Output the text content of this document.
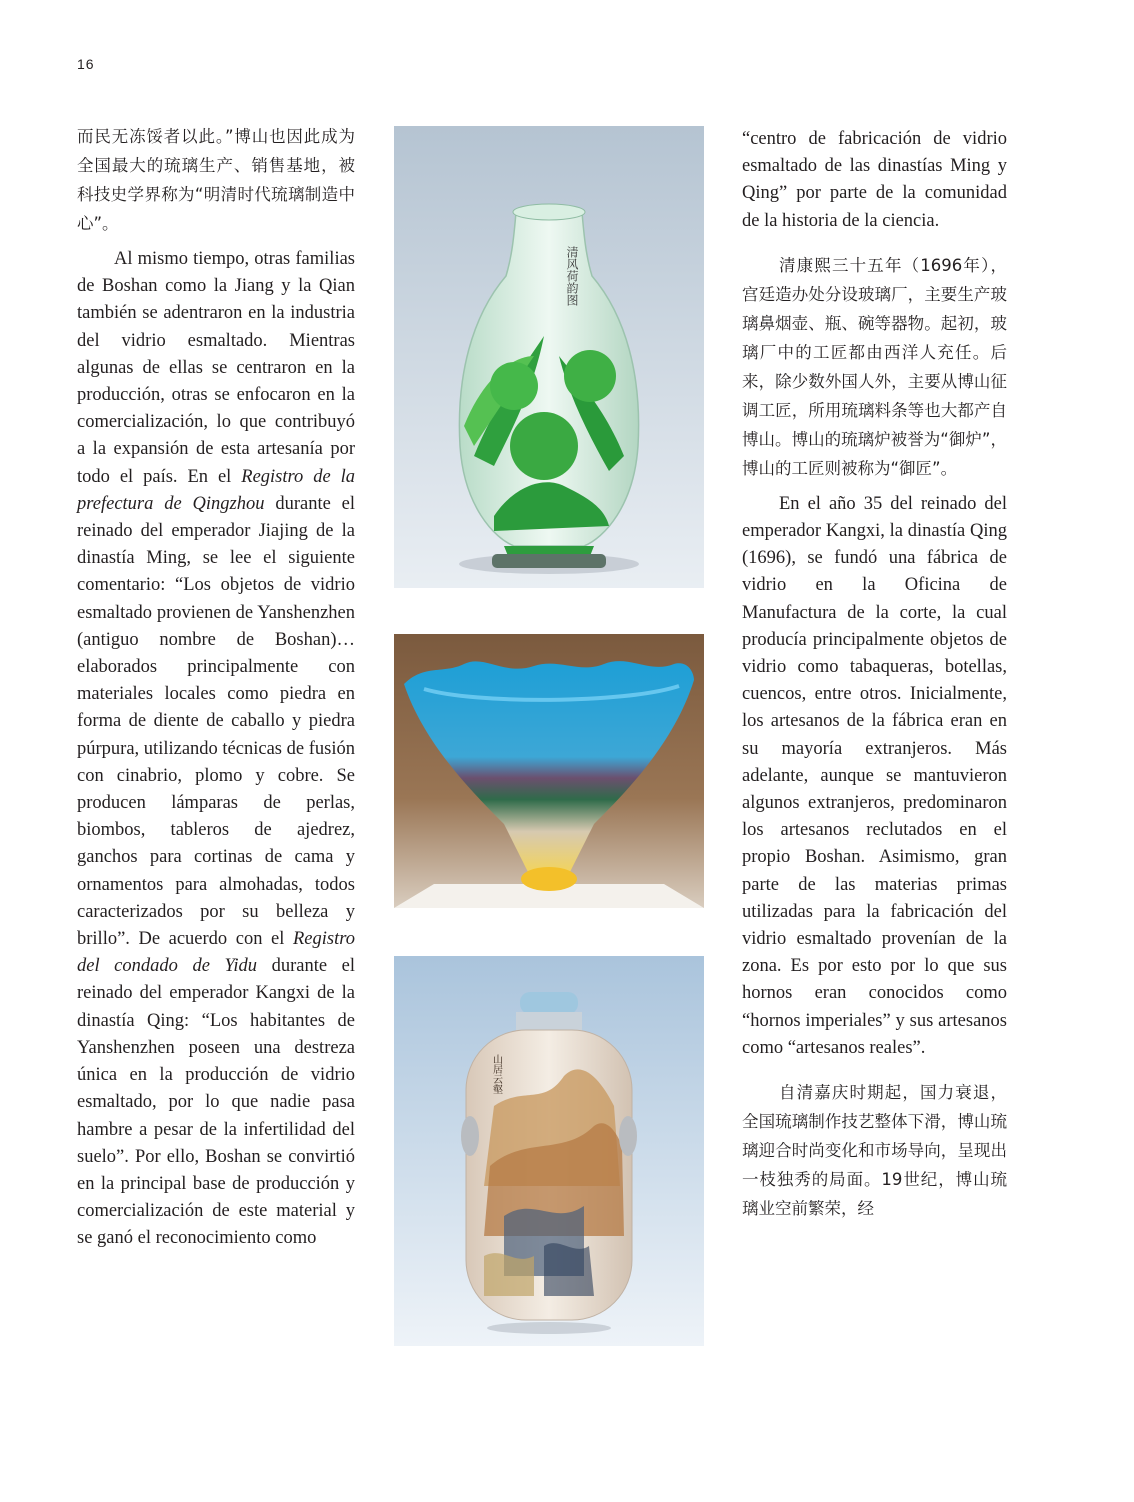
16

而民无冻馁者以此。”博山也因此成为全国最大的琉璃生产、销售基地，被科技史学界称为“明清时代琉璃制造中心”。

Al mismo tiempo, otras familias de Boshan como la Jiang y la Qian también se adentraron en la industria del vidrio esmaltado. Mientras algunas de ellas se centraron en la producción, otras se enfocaron en la comercialización, lo que contribuyó a la expansión de esta artesanía por todo el país. En el Registro de la prefectura de Qingzhou durante el reinado del emperador Jiajing de la dinastía Ming, se lee el siguiente comentario: “Los objetos de vidrio esmaltado provienen de Yanshenzhen (antiguo nombre de Boshan)… elaborados principalmente con materiales locales como piedra en forma de diente de caballo y piedra púrpura, utilizando técnicas de fusión con cinabrio, plomo y cobre. Se producen lámparas de perlas, biombos, tableros de ajedrez, ganchos para cortinas de cama y ornamentos para almohadas, todos caracterizados por su belleza y brillo”. De acuerdo con el Registro del condado de Yidu durante el reinado del emperador Kangxi de la dinastía Qing: “Los habitantes de Yanshenzhen poseen una destreza única en la producción de vidrio esmaltado, por lo que nadie pasa hambre a pesar de la infertilidad del suelo”. Por ello, Boshan se convirtió en la principal base de producción y comercialización de este material y se ganó el reconocimiento como

清风荷韵图
山居云壑

“centro de fabricación de vidrio esmaltado de las dinastías Ming y Qing” por parte de la comunidad de la historia de la ciencia.

清康熙三十五年（1696年），宫廷造办处分设玻璃厂，主要生产玻璃鼻烟壶、瓶、碗等器物。起初，玻璃厂中的工匠都由西洋人充任。后来，除少数外国人外，主要从博山征调工匠，所用琉璃料条等也大都产自博山。博山的琉璃炉被誉为“御炉”，博山的工匠则被称为“御匠”。

En el año 35 del reinado del emperador Kangxi, la dinastía Qing (1696), se fundó una fábrica de vidrio en la Oficina de Manufactura de la corte, la cual producía principalmente objetos de vidrio como tabaqueras, botellas, cuencos, entre otros. Inicialmente, los artesanos de la fábrica eran en su mayoría extranjeros. Más adelante, aunque se mantuvieron algunos extranjeros, predominaron los artesanos reclutados en el propio Boshan. Asimismo, gran parte de las materias primas utilizadas para la fabricación del vidrio esmaltado provenían de la zona. Es por esto por lo que sus hornos eran conocidos como “hornos imperiales” y sus artesanos como “artesanos reales”.

自清嘉庆时期起，国力衰退，全国琉璃制作技艺整体下滑，博山琉璃迎合时尚变化和市场导向，呈现出一枝独秀的局面。19世纪，博山琉璃业空前繁荣，经
